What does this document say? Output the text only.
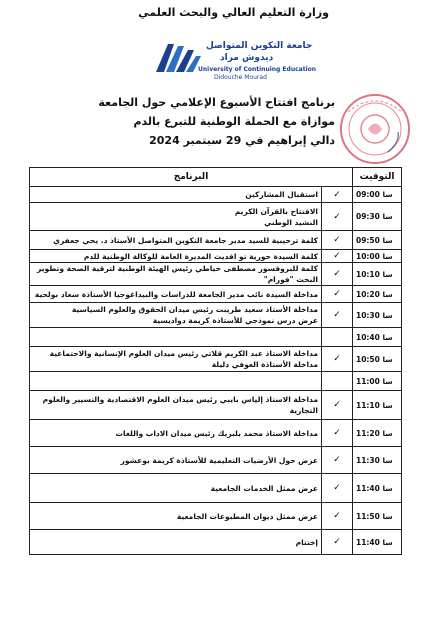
وزارة التعليم العالي والبحث العلمي
جامعة التكوين المتواصل
ديدوش مراد
University of Continuing Education
Didouche Mourad
برنامج افتتاح الأسبوع الإعلامي حول الجامعة
موازاة مع الحملة الوطنية للتبرع بالدم
دالي إبراهيم في 29 سبتمبر 2024
البرنامج		التوقيت

استقبال المشاركين	✓	09:00 سا

الافتتاح بالقرآن الكريم
النشيد الوطني	✓	09:30 سا

كلمة ترحيبية للسيد مدير جامعة التكوين المتواصل الأستاذ د. يحي جعفري	✓	09:50 سا

كلمة السيدة حورية تو افديث المديرة العامة للوكالة الوطنية للدم	✓	10:00 سا

كلمة للبروفسور مصطفى خياطي رئيس الهيئة الوطنية لترقية الصحة وتطوير البحث "فورام"	✓	10:10 سا

مداخلة السيدة نائب مدير الجامعة للدراسات والبيداغوجيا الأستاذة سعاد بولحية	✓	10:20 سا

مداخلة الأستاذ سعيد طريبت رئيس ميدان الحقوق والعلوم السياسية
عرض درس نموذجي للأستاذة كريمة دواديسية	✓	10:30 سا
		10:40 سا

مداخلة الاستاذ عبد الكريم قلاتي رئيس ميدان العلوم الإنسانية والاجتماعية
مداخلة الأستاذة العوفي دليلة	✓	10:50 سا
		11:00 سا

مداخلة الاستاذ إلياس بايبي رئيس ميدان العلوم الاقتصادية والتسيير والعلوم التجارية	✓	11:10 سا

مداخلة الاستاذ محمد بلبريك رئيس ميدان الاداب واللغات	✓	11:20 سا

عرض حول الأرضيات التعليمية للأستاذة كريمة بوعشور	✓	11:30 سا

عرض ممثل الخدمات الجامعية	✓	11:40 سا

عرض ممثل ديوان المطبوعات الجامعية	✓	11:50 سا

إختتام	✓	11:40 سا
